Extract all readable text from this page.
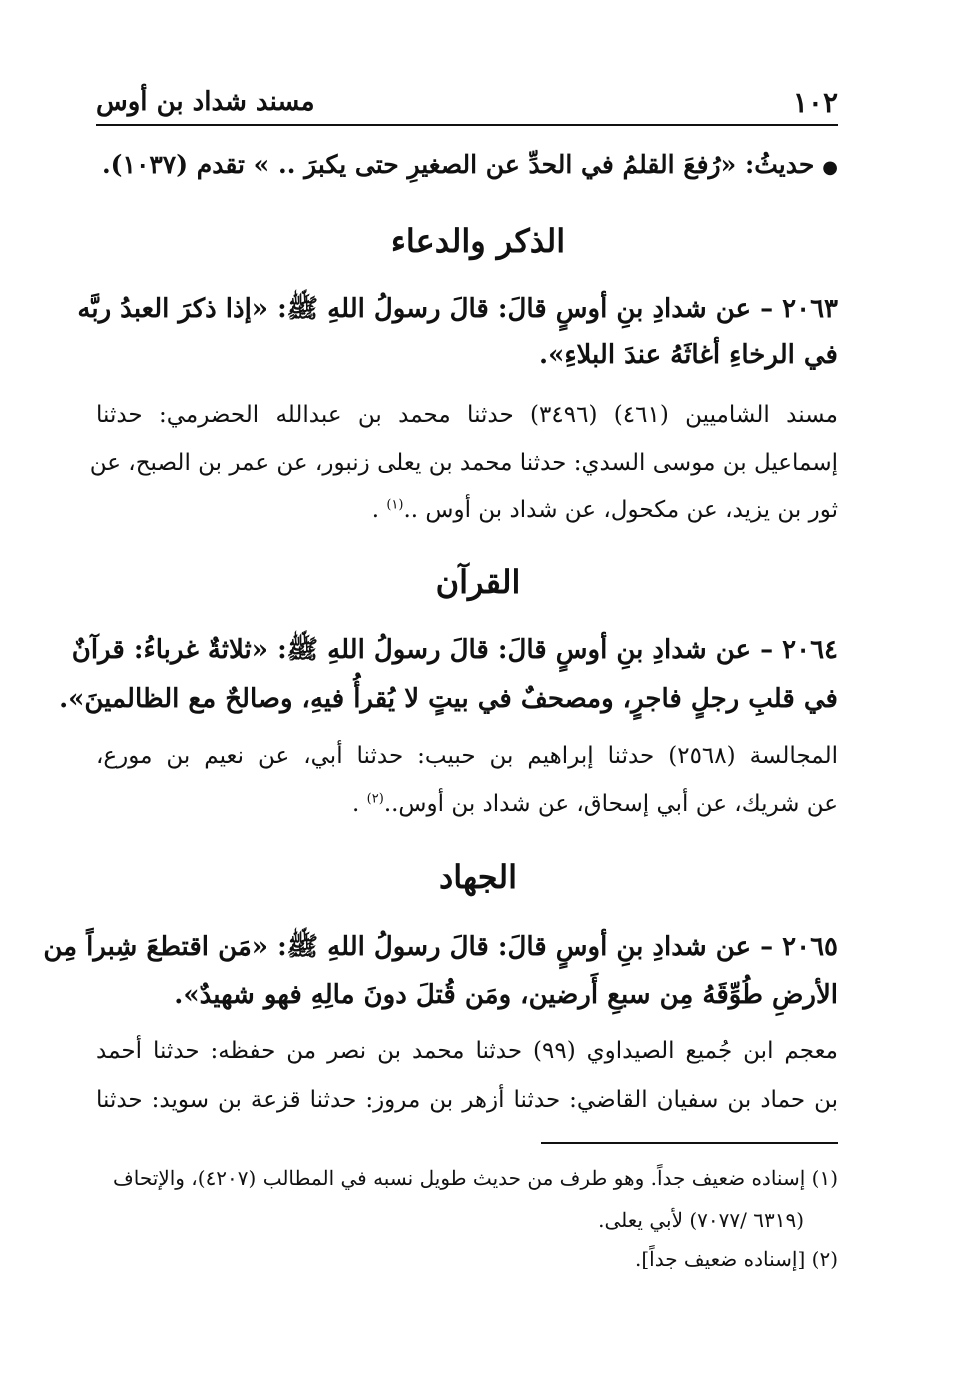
١٠٢
مسند شداد بن أوس
●حديثُ: «رُفعَ القلمُ في الحدِّ عن الصغيرِ حتى يكبرَ .. » تقدم (١٠٣٧).
الذكر والدعاء
٢٠٦٣ – عن شدادِ بنِ أوسٍ قالَ: قالَ رسولُ اللهِ ﷺ: «إذا ذكرَ العبدُ ربَّه
في الرخاءِ أغاثَهُ عندَ البلاءِ».
مسند الشاميين (٤٦١) (٣٤٩٦) حدثنا محمد بن عبدالله الحضرمي: حدثنا
إسماعيل بن موسى السدي: حدثنا محمد بن يعلى زنبور، عن عمر بن الصبح، عن
ثور بن يزيد، عن مكحول، عن شداد بن أوس ..$^{(١)}$ .
القرآن
٢٠٦٤ – عن شدادِ بنِ أوسٍ قالَ: قالَ رسولُ اللهِ ﷺ: «ثلاثةٌ غرباءُ: قرآنٌ
في قلبِ رجلٍ فاجرٍ، ومصحفٌ في بيتٍ لا يُقرأُ فيهِ، وصالحٌ مع الظالمينَ».
المجالسة (٢٥٦٨) حدثنا إبراهيم بن حبيب: حدثنا أبي، عن نعيم بن مورع،
عن شريك، عن أبي إسحاق، عن شداد بن أوس..$^{(٢)}$ .
الجهاد
٢٠٦٥ – عن شدادِ بنِ أوسٍ قالَ: قالَ رسولُ اللهِ ﷺ: «مَن اقتطعَ شِبراً مِن
الأرضِ طُوِّقَهُ مِن سبعِ أَرضين، ومَن قُتلَ دونَ مالِهِ فهو شهيدٌ».
معجم ابن جُميع الصيداوي (٩٩) حدثنا محمد بن نصر من حفظه: حدثنا أحمد
بن حماد بن سفيان القاضي: حدثنا أزهر بن مروز: حدثنا قزعة بن سويد: حدثنا
(١) إسناده ضعيف جداً. وهو طرف من حديث طويل نسبه في المطالب (٤٢٠٧)، والإتحاف
(٦٣١٩ /٧٠٧٧) لأبي يعلى.
(٢) [إسناده ضعيف جداً].
